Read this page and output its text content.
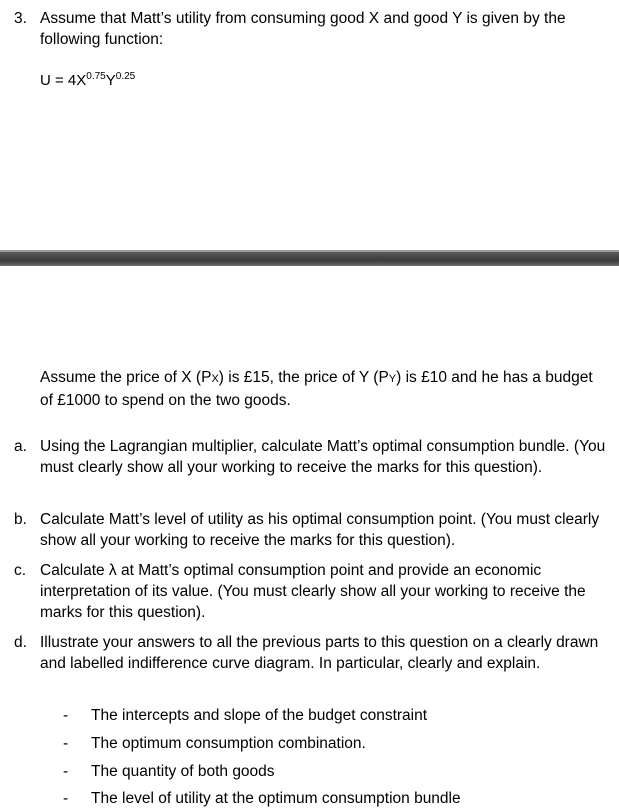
3. Assume that Matt’s utility from consuming good X and good Y is given by the following function:
$U = 4X^{0.75}Y^{0.25}$
Assume the price of X (PX) is £15, the price of Y (PY) is £10 and he has a budget of £1000 to spend on the two goods.
a. Using the Lagrangian multiplier, calculate Matt’s optimal consumption bundle. (You must clearly show all your working to receive the marks for this question).
b. Calculate Matt’s level of utility as his optimal consumption point. (You must clearly show all your working to receive the marks for this question).
c. Calculate λ at Matt’s optimal consumption point and provide an economic interpretation of its value. (You must clearly show all your working to receive the marks for this question).
d. Illustrate your answers to all the previous parts to this question on a clearly drawn and labelled indifference curve diagram. In particular, clearly and explain.
- The intercepts and slope of the budget constraint
- The optimum consumption combination.
- The quantity of both goods
- The level of utility at the optimum consumption bundle
